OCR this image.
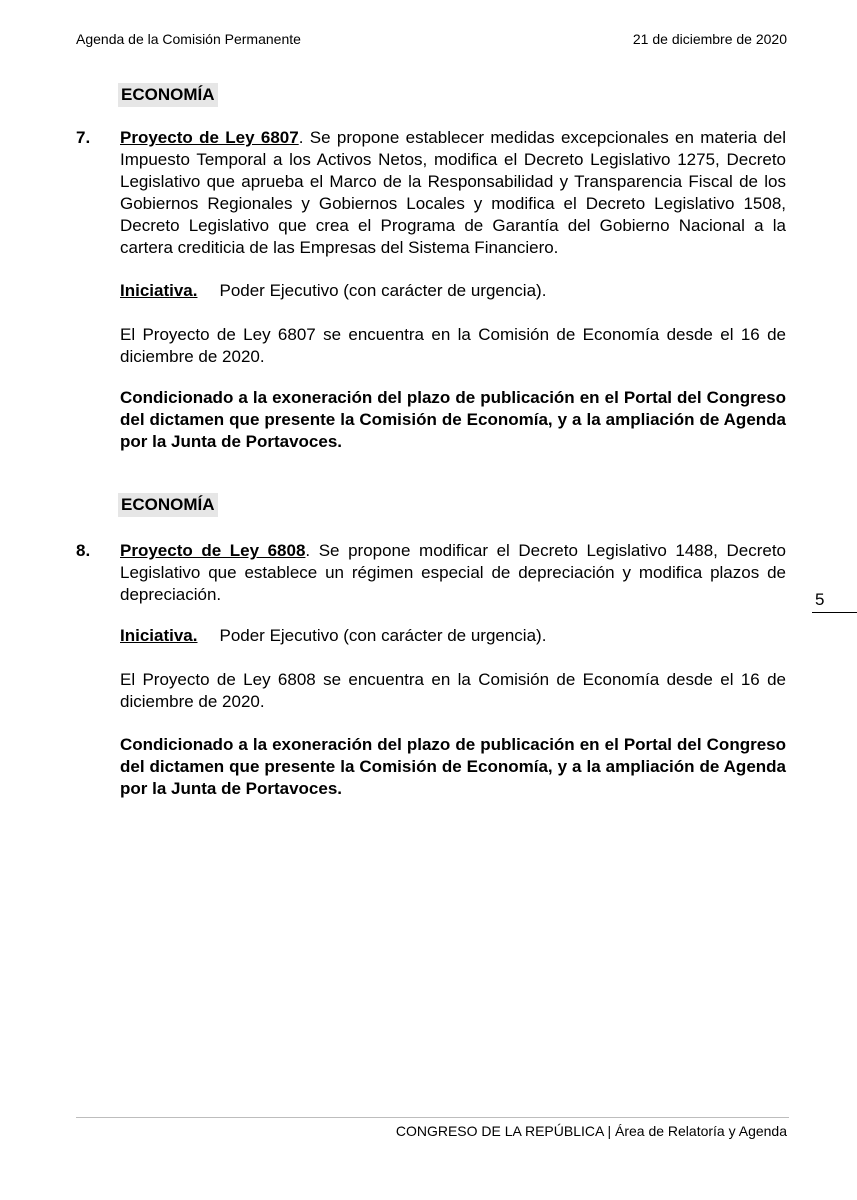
Agenda de la Comisión Permanente	21 de diciembre de 2020
ECONOMÍA
7. Proyecto de Ley 6807. Se propone establecer medidas excepcionales en materia del Impuesto Temporal a los Activos Netos, modifica el Decreto Legislativo 1275, Decreto Legislativo que aprueba el Marco de la Responsabilidad y Transparencia Fiscal de los Gobiernos Regionales y Gobiernos Locales y modifica el Decreto Legislativo 1508, Decreto Legislativo que crea el Programa de Garantía del Gobierno Nacional a la cartera crediticia de las Empresas del Sistema Financiero.
Iniciativa. Poder Ejecutivo (con carácter de urgencia).
El Proyecto de Ley 6807 se encuentra en la Comisión de Economía desde el 16 de diciembre de 2020.
Condicionado a la exoneración del plazo de publicación en el Portal del Congreso del dictamen que presente la Comisión de Economía, y a la ampliación de Agenda por la Junta de Portavoces.
ECONOMÍA
8. Proyecto de Ley 6808. Se propone modificar el Decreto Legislativo 1488, Decreto Legislativo que establece un régimen especial de depreciación y modifica plazos de depreciación.
Iniciativa. Poder Ejecutivo (con carácter de urgencia).
El Proyecto de Ley 6808 se encuentra en la Comisión de Economía desde el 16 de diciembre de 2020.
Condicionado a la exoneración del plazo de publicación en el Portal del Congreso del dictamen que presente la Comisión de Economía, y a la ampliación de Agenda por la Junta de Portavoces.
5
CONGRESO DE LA REPÚBLICA | Área de Relatoría y Agenda
